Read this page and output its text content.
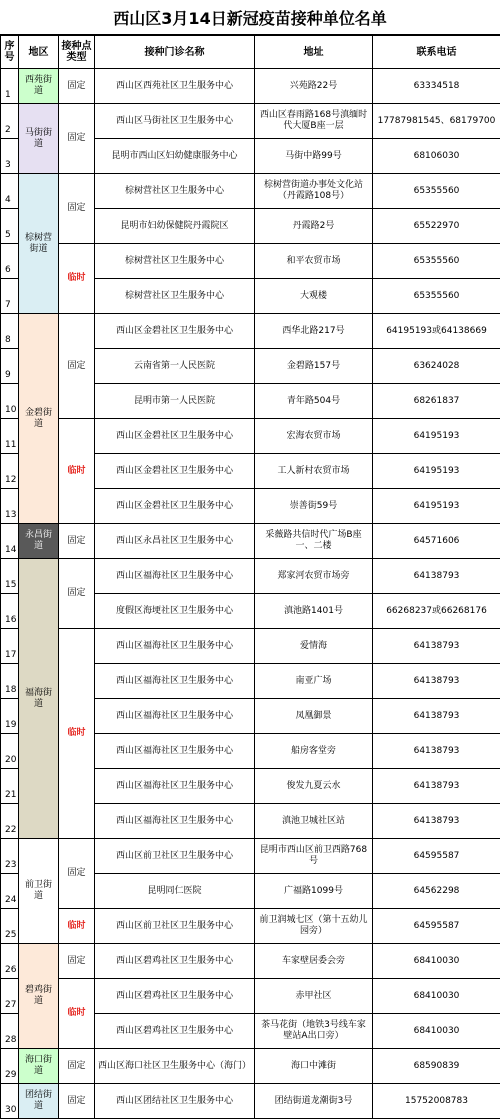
西山区3月14日新冠疫苗接种单位名单
序号	地区	接种点类型	接种门诊名称	地址	联系电话
1	西苑街道	固定	西山区西苑社区卫生服务中心	兴苑路22号	63334518
2	马街街道	固定	西山区马街社区卫生服务中心	西山区春雨路168号滇缅时代大厦B座一层	17787981545、68179700
3			昆明市西山区妇幼健康服务中心	马街中路99号	68106030
4	棕树营街道	固定	棕树营社区卫生服务中心	棕树营街道办事处文化站（丹霞路108号）	65355560
5			昆明市妇幼保健院丹霞院区	丹霞路2号	65522970
6		临时	棕树营社区卫生服务中心	和平农贸市场	65355560
7			棕树营社区卫生服务中心	大观楼	65355560
8	金碧街道	固定	西山区金碧社区卫生服务中心	西华北路217号	64195193或64138669
9			云南省第一人民医院	金碧路157号	63624028
10			昆明市第一人民医院	青年路504号	68261837
11		临时	西山区金碧社区卫生服务中心	宏海农贸市场	64195193
12			西山区金碧社区卫生服务中心	工人新村农贸市场	64195193
13			西山区金碧社区卫生服务中心	崇善街59号	64195193
14	永昌街道	固定	西山区永昌社区卫生服务中心	采薇路共信时代广场B座一、二楼	64571606
15	福海街道	固定	西山区福海社区卫生服务中心	郑家河农贸市场旁	64138793
16			度假区海埂社区卫生服务中心	滇池路1401号	66268237或66268176
17		临时	西山区福海社区卫生服务中心	爱情海	64138793
18			西山区福海社区卫生服务中心	南亚广场	64138793
19			西山区福海社区卫生服务中心	凤凰御景	64138793
20			西山区福海社区卫生服务中心	船房客堂旁	64138793
21			西山区福海社区卫生服务中心	俊发九夏云水	64138793
22			西山区福海社区卫生服务中心	滇池卫城社区站	64138793
23	前卫街道	固定	西山区前卫社区卫生服务中心	昆明市西山区前卫西路768号	64595587
24			昆明同仁医院	广福路1099号	64562298
25		临时	西山区前卫社区卫生服务中心	前卫润城七区（第十五幼儿园旁）	64595587
26	碧鸡街道	固定	西山区碧鸡社区卫生服务中心	车家壁居委会旁	68410030
27		临时	西山区碧鸡社区卫生服务中心	赤甲社区	68410030
28			西山区碧鸡社区卫生服务中心	茶马花街（地铁3号线车家壁站A出口旁）	68410030
29	海口街道	固定	西山区海口社区卫生服务中心（海门）	海口中滩街	68590839
30	团结街道	固定	西山区团结社区卫生服务中心	团结街道龙潮街3号	15752008783
